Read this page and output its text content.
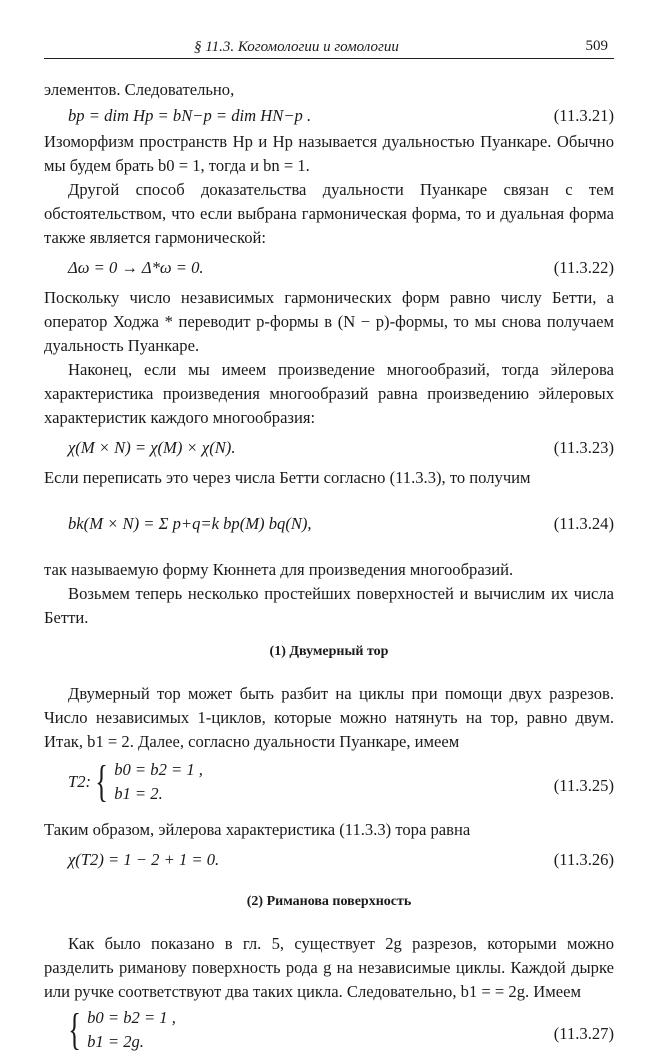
§ 11.3. Когомологии и гомологии	509

элементов. Следовательно,

bp = dim Hp = bN−p = dim HN−p .	(11.3.21)

Изоморфизм пространств Hp и Hp называется дуальностью Пуанкаре. Обычно мы будем брать b0 = 1, тогда и bn = 1.

Другой способ доказательства дуальности Пуанкаре связан с тем обстоятельством, что если выбрана гармоническая форма, то и дуальная форма также является гармонической:

Δω = 0 → Δ*ω = 0.	(11.3.22)

Поскольку число независимых гармонических форм равно числу Бетти, а оператор Ходжа * переводит p-формы в (N − p)-формы, то мы снова получаем дуальность Пуанкаре.

Наконец, если мы имеем произведение многообразий, тогда эйлерова характеристика произведения многообразий равна произведению эйлеровых характеристик каждого многообразия:

χ(M × N) = χ(M) × χ(N).	(11.3.23)

Если переписать это через числа Бетти согласно (11.3.3), то получим

bk(M × N) = Σ p+q=k bp(M) bq(N),	(11.3.24)

так называемую форму Кюннета для произведения многообразий.

Возьмем теперь несколько простейших поверхностей и вычислим их числа Бетти.

(1) Двумерный тор

Двумерный тор может быть разбит на циклы при помощи двух разрезов. Число независимых 1-циклов, которые можно натянуть на тор, равно двум. Итак, b1 = 2. Далее, согласно дуальности Пуанкаре, имеем

T2: { b0 = b2 = 1 ,
b1 = 2.	(11.3.25)

Таким образом, эйлерова характеристика (11.3.3) тора равна

χ(T2) = 1 − 2 + 1 = 0.	(11.3.26)
(2) Риманова поверхность

Как было показано в гл. 5, существует 2g разрезов, которыми можно разделить риманову поверхность рода g на независимые циклы. Каждой дырке или ручке соответствуют два таких цикла. Следовательно, b1 = = 2g. Имеем

{ b0 = b2 = 1 ,
b1 = 2g.	(11.3.27)
